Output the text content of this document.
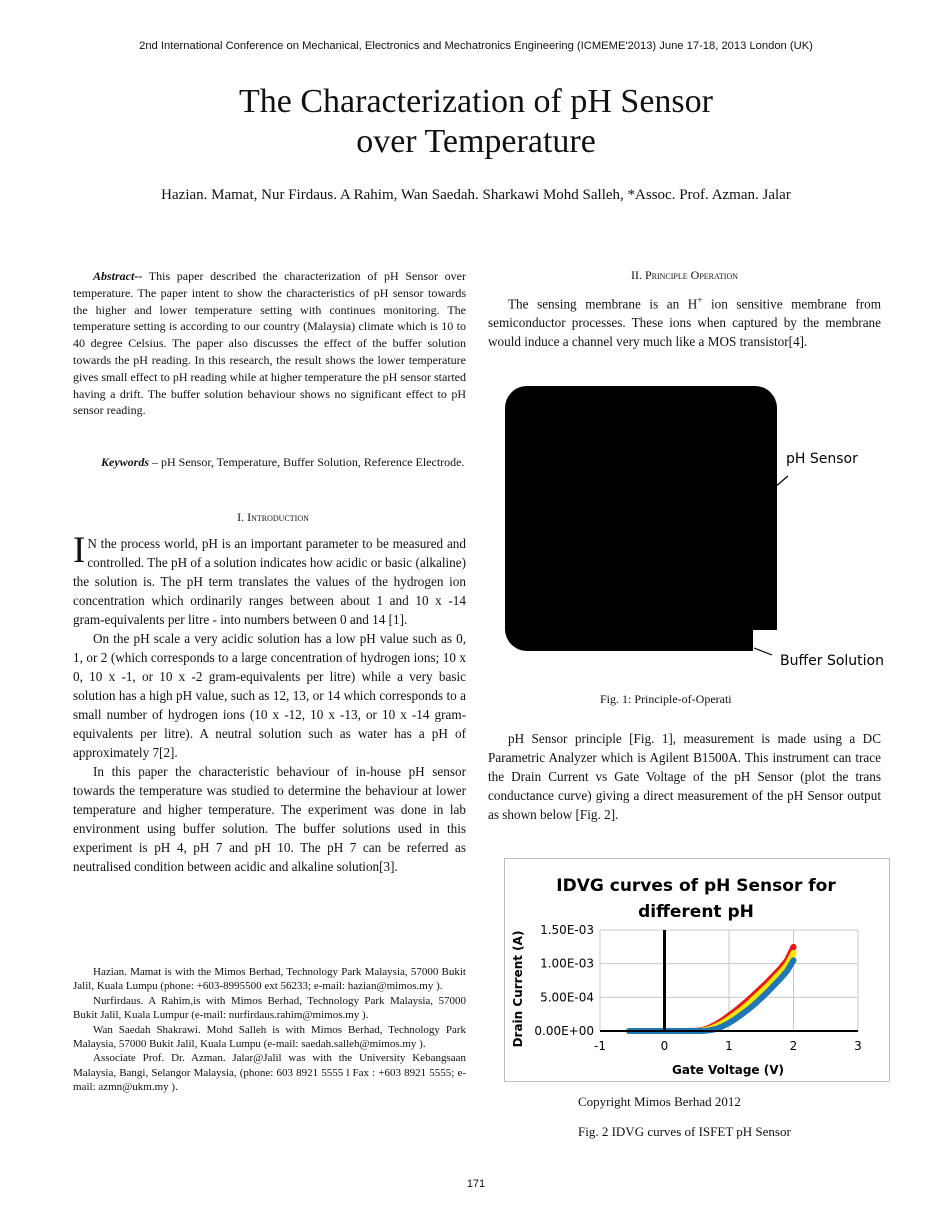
2nd International Conference on Mechanical, Electronics and Mechatronics Engineering (ICMEME'2013) June 17-18, 2013 London (UK)
The Characterization of pH Sensor
over Temperature
Hazian. Mamat, Nur Firdaus. A Rahim, Wan Saedah. Sharkawi Mohd Salleh, *Assoc. Prof. Azman. Jalar

Abstract-- This paper described the characterization of pH Sensor over temperature. The paper intent to show the characteristics of pH sensor towards the higher and lower temperature setting with continues monitoring. The temperature setting is according to our country (Malaysia) climate which is 10 to 40 degree Celsius. The paper also discusses the effect of the buffer solution towards the pH reading. In this research, the result shows the lower temperature gives small effect to pH reading while at higher temperature the pH sensor started having a drift. The buffer solution behaviour shows no significant effect to pH sensor reading.

Keywords – pH Sensor, Temperature, Buffer Solution, Reference Electrode.

I. Introduction

I N the process world, pH is an important parameter to be measured and controlled. The pH of a solution indicates how acidic or basic (alkaline) the solution is. The pH term translates the values of the hydrogen ion concentration which ordinarily ranges between about 1 and 10 x -14 gram-equivalents per litre - into numbers between 0 and 14 [1].

On the pH scale a very acidic solution has a low pH value such as 0, 1, or 2 (which corresponds to a large concentration of hydrogen ions; 10 x 0, 10 x -1, or 10 x -2 gram-equivalents per litre) while a very basic solution has a high pH value, such as 12, 13, or 14 which corresponds to a small number of hydrogen ions (10 x -12, 10 x -13, or 10 x -14 gram-equivalents per litre). A neutral solution such as water has a pH of approximately 7[2].

In this paper the characteristic behaviour of in-house pH sensor towards the temperature was studied to determine the behaviour at lower temperature and higher temperature. The experiment was done in lab environment using buffer solution. The buffer solutions used in this experiment is pH 4, pH 7 and pH 10. The pH 7 can be referred as neutralised condition between acidic and alkaline solution[3].

Hazian. Mamat is with the Mimos Berhad, Technology Park Malaysia, 57000 Bukit Jalil, Kuala Lumpu (phone: +603-8995500 ext 56233; e-mail: hazian@mimos.my ).

Nurfirdaus. A Rahim,is with Mimos Berhad, Technology Park Malaysia, 57000 Bukit Jalil, Kuala Lumpur (e-mail: nurfirdaus.rahim@mimos.my ).

Wan Saedah Shakrawi. Mohd Salleh is with Mimos Berhad, Technology Park Malaysia, 57000 Bukit Jalil, Kuala Lumpu (e-mail: saedah.salleh@mimos.my ).

Associate Prof. Dr. Azman. Jalar@Jalil was with the University Kebangsaan Malaysia, Bangi, Selangor Malaysia, (phone: 603 8921 5555 l Fax : +603 8921 5555; e-mail: azmn@ukm.my ).

II. Principle Operation

The sensing membrane is an H+ ion sensitive membrane from semiconductor processes. These ions when captured by the membrane would induce a channel very much like a MOS transistor[4].

pH Sensor
Buffer Solution
Fig. 1: Principle-of-Operati

pH Sensor principle [Fig. 1], measurement is made using a DC Parametric Analyzer which is Agilent B1500A. This instrument can trace the Drain Current vs Gate Voltage of the pH Sensor (plot the trans conductance curve) giving a direct measurement of the pH Sensor output as shown below [Fig. 2].

IDVG curves of pH Sensor for
different pH
0.00E+00
5.00E-04
1.00E-03
1.50E-03
-1	0	1	2	3
Drain Current (A)
Gate Voltage (V)
Copyright Mimos Berhad 2012
Fig. 2 IDVG curves of ISFET pH Sensor
171
